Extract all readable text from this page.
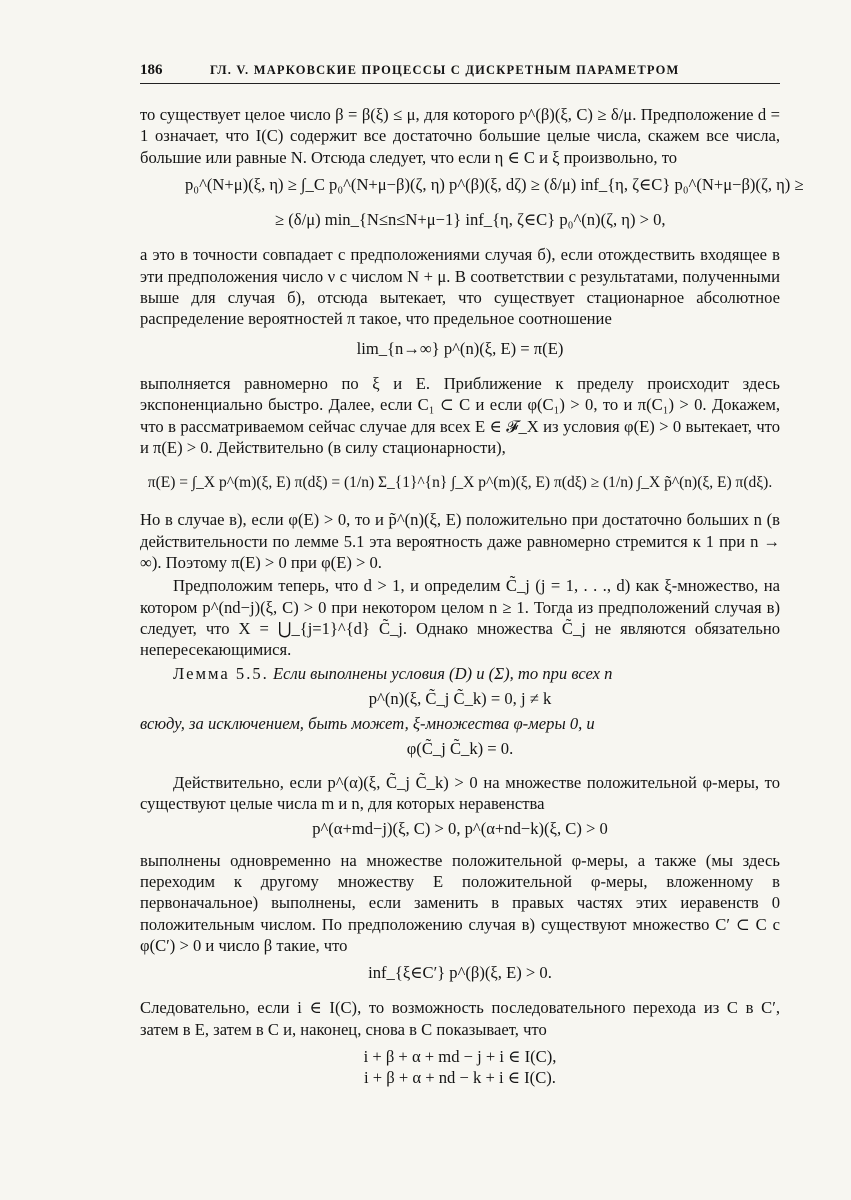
186	ГЛ. V. МАРКОВСКИЕ ПРОЦЕССЫ С ДИСКРЕТНЫМ ПАРАМЕТРОМ

то существует целое число β = β(ξ) ≤ μ, для которого p^(β)(ξ, C) ≥ δ/μ. Предположение d = 1 означает, что I(C) содержит все достаточно большие целые числа, скажем все числа, большие или равные N. Отсюда следует, что если η ∈ C и ξ произвольно, то

p₀^(N+μ)(ξ, η) ≥ ∫_C p₀^(N+μ−β)(ζ, η) p^(β)(ξ, dζ) ≥ (δ/μ) inf_{η, ζ∈C} p₀^(N+μ−β)(ζ, η) ≥

≥ (δ/μ) min_{N≤n≤N+μ−1} inf_{η, ζ∈C} p₀^(n)(ζ, η) > 0,

а это в точности совпадает с предположениями случая б), если отождествить входящее в эти предположения число ν с числом N + μ. В соответствии с результатами, полученными выше для случая б), отсюда вытекает, что существует стационарное абсолютное распределение вероятностей π такое, что предельное соотношение

lim_{n→∞} p^(n)(ξ, E) = π(E)

выполняется равномерно по ξ и E. Приближение к пределу происходит здесь экспоненциально быстро. Далее, если C₁ ⊂ C и если φ(C₁) > 0, то и π(C₁) > 0. Докажем, что в рассматриваемом сейчас случае для всех E ∈ 𝓕_X из условия φ(E) > 0 вытекает, что и π(E) > 0. Действительно (в силу стационарности),

π(E) = ∫_X p^(m)(ξ, E) π(dξ) = (1/n) Σ_{1}^{n} ∫_X p^(m)(ξ, E) π(dξ) ≥ (1/n) ∫_X p̃^(n)(ξ, E) π(dξ).

Но в случае в), если φ(E) > 0, то и p̃^(n)(ξ, E) положительно при достаточно больших n (в действительности по лемме 5.1 эта вероятность даже равномерно стремится к 1 при n → ∞). Поэтому π(E) > 0 при φ(E) > 0.

Предположим теперь, что d > 1, и определим C̃_j (j = 1, . . ., d) как ξ-множество, на котором p^(nd−j)(ξ, C) > 0 при некотором целом n ≥ 1. Тогда из предположений случая в) следует, что X = ⋃_{j=1}^{d} C̃_j. Однако множества C̃_j не являются обязательно непересекающимися.

Лемма 5.5. Если выполнены условия (D) и (Σ), то при всех n

p^(n)(ξ, C̃_j C̃_k) = 0, j ≠ k

всюду, за исключением, быть может, ξ-множества φ-меры 0, и

φ(C̃_j C̃_k) = 0.

Действительно, если p^(α)(ξ, C̃_j C̃_k) > 0 на множестве положительной φ-меры, то существуют целые числа m и n, для которых неравенства

p^(α+md−j)(ξ, C) > 0, p^(α+nd−k)(ξ, C) > 0

выполнены одновременно на множестве положительной φ-меры, а также (мы здесь переходим к другому множеству E положительной φ-меры, вложенному в первоначальное) выполнены, если заменить в правых частях этих иеравенств 0 положительным числом. По предположению случая в) существуют множество C′ ⊂ C с φ(C′) > 0 и число β такие, что

inf_{ξ∈C′} p^(β)(ξ, E) > 0.

Следовательно, если i ∈ I(C), то возможность последовательного перехода из C в C′, затем в E, затем в C и, наконец, снова в C показывает, что

i + β + α + md − j + i ∈ I(C),

i + β + α + nd − k + i ∈ I(C).
